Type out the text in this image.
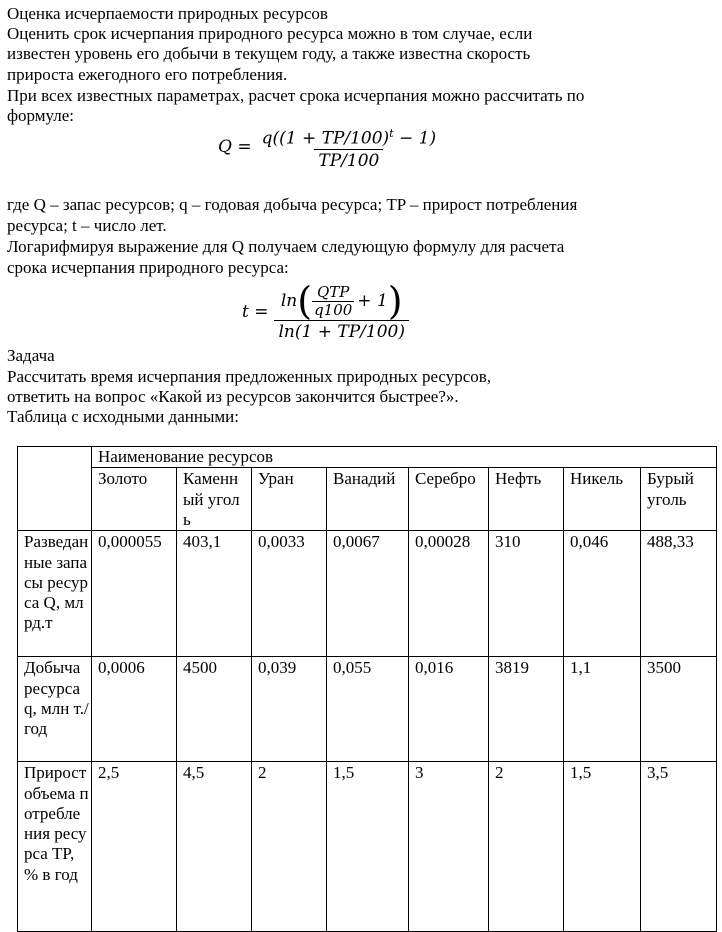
Оценка исчерпаемости природных ресурсов
Оценить срок исчерпания природного ресурса можно в том случае, если
известен уровень его добычи в текущем году, а также известна скорость
прироста ежегодного его потребления.
При всех известных параметрах, расчет срока исчерпания можно рассчитать по
формуле:
$Q = \frac{q((1 + TP/100)^t - 1)}{TP/100}$
где Q – запас ресурсов; q – годовая добыча ресурса; TP – прирост потребления
ресурса; t – число лет.
Логарифмируя выражение для Q получаем следующую формулу для расчета
срока исчерпания природного ресурса:
t =
ln ( $\frac{\text{QTP}}{q100} + 1$ )
ln(1 + TP/100)
Задача
Рассчитать время исчерпания предложенных природных ресурсов,
ответить на вопрос «Какой из ресурсов закончится быстрее?».
Таблица с исходными данными:
	Наименование ресурсов							
	Золото	Каменный уголь	Уран	Ванадий	Серебро	Нефть	Никель	Бурый уголь
Разведанные запасы ресурса Q, млрд.т	0,000055	403,1	0,0033	0,0067	0,00028	310	0,046	488,33
Добыча ресурса q, млн т./год	0,0006	4500	0,039	0,055	0,016	3819	1,1	3500
Прирост объема потребления ресурса TP, % в год	2,5	4,5	2	1,5	3	2	1,5	3,5
